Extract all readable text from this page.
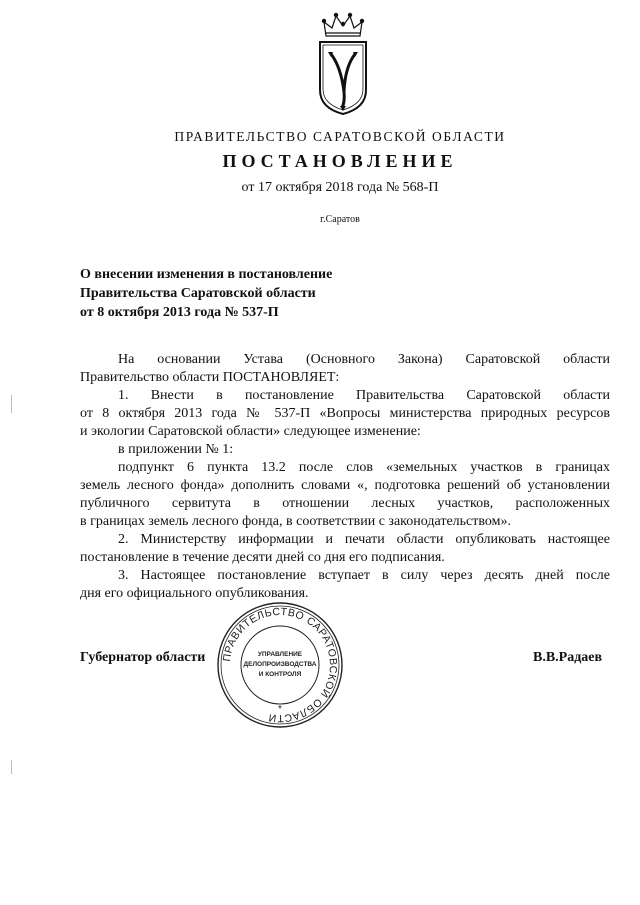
ПРАВИТЕЛЬСТВО САРАТОВСКОЙ ОБЛАСТИ
ПОСТАНОВЛЕНИЕ
от 17 октября 2018 года № 568-П
г.Саратов
О внесении изменения в постановление
Правительства Саратовской области
от 8 октября 2013 года № 537-П

На основании Устава (Основного Закона) Саратовской области

Правительство области ПОСТАНОВЛЯЕТ:

1. Внести в постановление Правительства Саратовской области

от 8 октября 2013 года № 537-П «Вопросы министерства природных ресурсов

и экологии Саратовской области» следующее изменение:

в приложении № 1:

подпункт 6 пункта 13.2 после слов «земельных участков в границах

земель лесного фонда» дополнить словами «, подготовка решений об установлении

публичного сервитута в отношении лесных участков, расположенных

в границах земель лесного фонда, в соответствии с законодательством».

2. Министерству информации и печати области опубликовать настоящее

постановление в течение десяти дней со дня его подписания.

3. Настоящее постановление вступает в силу через десять дней после

дня его официального опубликования.

Губернатор области	В.В.Радаев
ПРАВИТЕЛЬСТВО САРАТОВСКОЙ ОБЛАСТИ
УПРАВЛЕНИЕ
ДЕЛОПРОИЗВОДСТВА
И КОНТРОЛЯ
*
